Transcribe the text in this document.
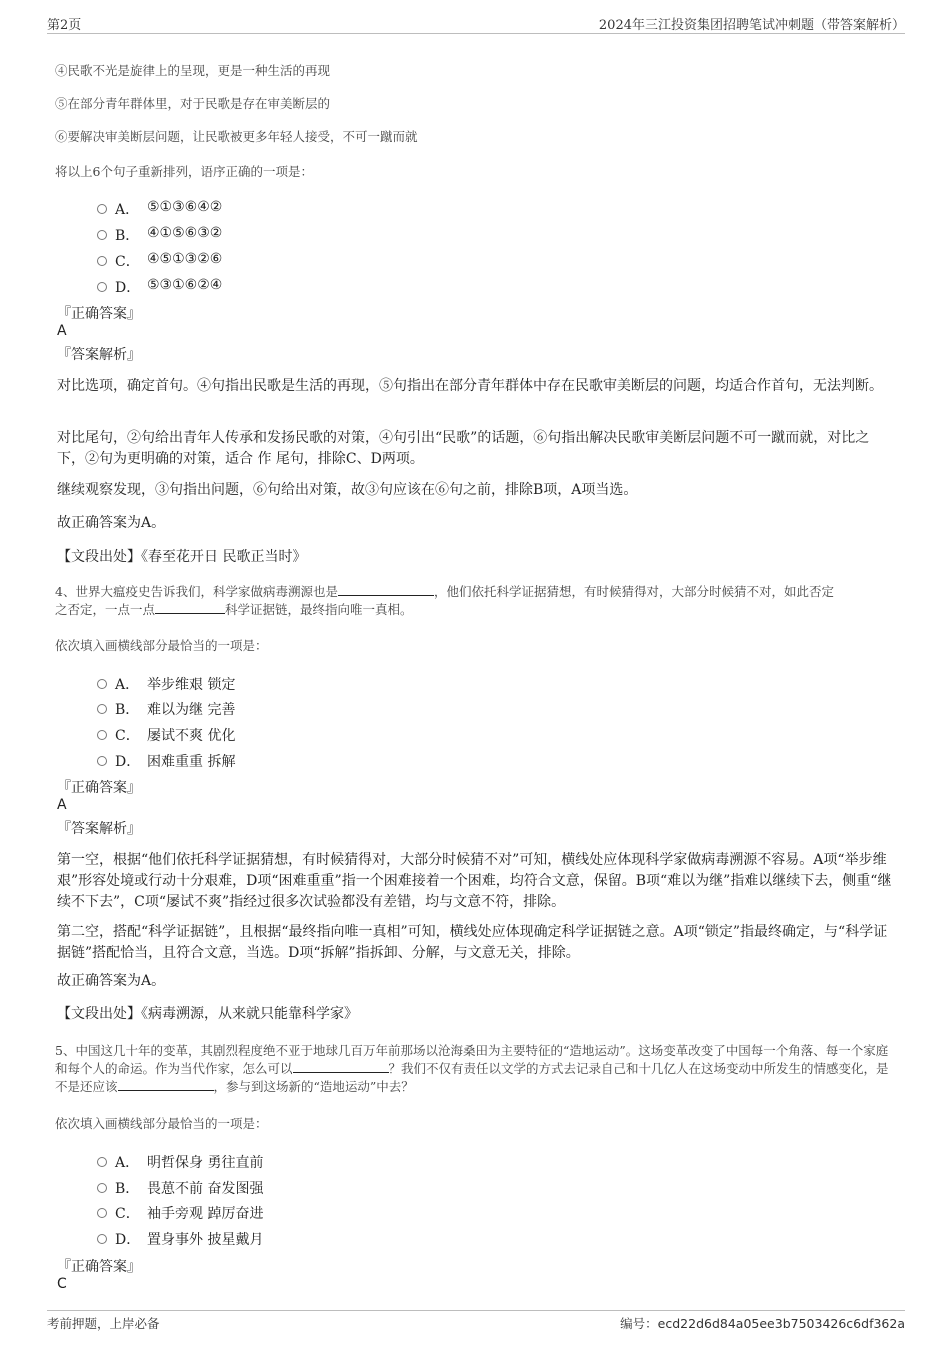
第2页	2024年三江投资集团招聘笔试冲刺题（带答案解析）
④民歌不光是旋律上的呈现，更是一种生活的再现
⑤在部分青年群体里，对于民歌是存在审美断层的
⑥要解决审美断层问题，让民歌被更多年轻人接受，不可一蹴而就
将以上6个句子重新排列，语序正确的一项是：
A． ⑤①③⑥④②
B． ④①⑤⑥③②
C． ④⑤①③②⑥
D． ⑤③①⑥②④
『正确答案』
A
『答案解析』
对比选项，确定首句。④句指出民歌是生活的再现，⑤句指出在部分青年群体中存在民歌审美断层的问题，均适合作首句，无法判断。
对比尾句，②句给出青年人传承和发扬民歌的对策，④句引出“民歌”的话题，⑥句指出解决民歌审美断层问题不可一蹴而就，对比之下，②句为更明确的对策，适合 作 尾句，排除C、D两项。
继续观察发现，③句指出问题，⑥句给出对策，故③句应该在⑥句之前，排除B项，A项当选。
故正确答案为A。
【文段出处】《春至花开日 民歌正当时》
4、世界大瘟疫史告诉我们，科学家做病毒溯源也是	，他们依托科学证据猜想，有时候猜得对，大部分时候猜不对，如此否定
之否定，一点一点	科学证据链，最终指向唯一真相。
依次填入画横线部分最恰当的一项是：
A． 举步维艰 锁定
B． 难以为继 完善
C． 屡试不爽 优化
D． 困难重重 拆解
『正确答案』
A
『答案解析』
第一空，根据“他们依托科学证据猜想，有时候猜得对，大部分时候猜不对”可知，横线处应体现科学家做病毒溯源不容易。A项“举步维艰”形容处境或行动十分艰难，D项“困难重重”指一个困难接着一个困难，均符合文意，保留。B项“难以为继”指难以继续下去，侧重“继续不下去”，C项“屡试不爽”指经过很多次试验都没有差错，均与文意不符，排除。
第二空，搭配“科学证据链”，且根据“最终指向唯一真相”可知，横线处应体现确定科学证据链之意。A项“锁定”指最终确定，与“科学证据链”搭配恰当，且符合文意，当选。D项“拆解”指拆卸、分解，与文意无关，排除。
故正确答案为A。
【文段出处】《病毒溯源，从来就只能靠科学家》
5、中国这几十年的变革，其剧烈程度绝不亚于地球几百万年前那场以沧海桑田为主要特征的“造地运动”。这场变革改变了中国每一个角落、每一个家庭和每个人的命运。作为当代作家，怎么可以	？我们不仅有责任以文学的方式去记录自己和十几亿人在这场变动中所发生的情感变化，是不是还应该	，参与到这场新的“造地运动”中去？
依次填入画横线部分最恰当的一项是：
A． 明哲保身 勇往直前
B． 畏葸不前 奋发图强
C． 袖手旁观 踔厉奋进
D． 置身事外 披星戴月
『正确答案』
C
考前押题，上岸必备	编号：ecd22d6d84a05ee3b7503426c6df362a
